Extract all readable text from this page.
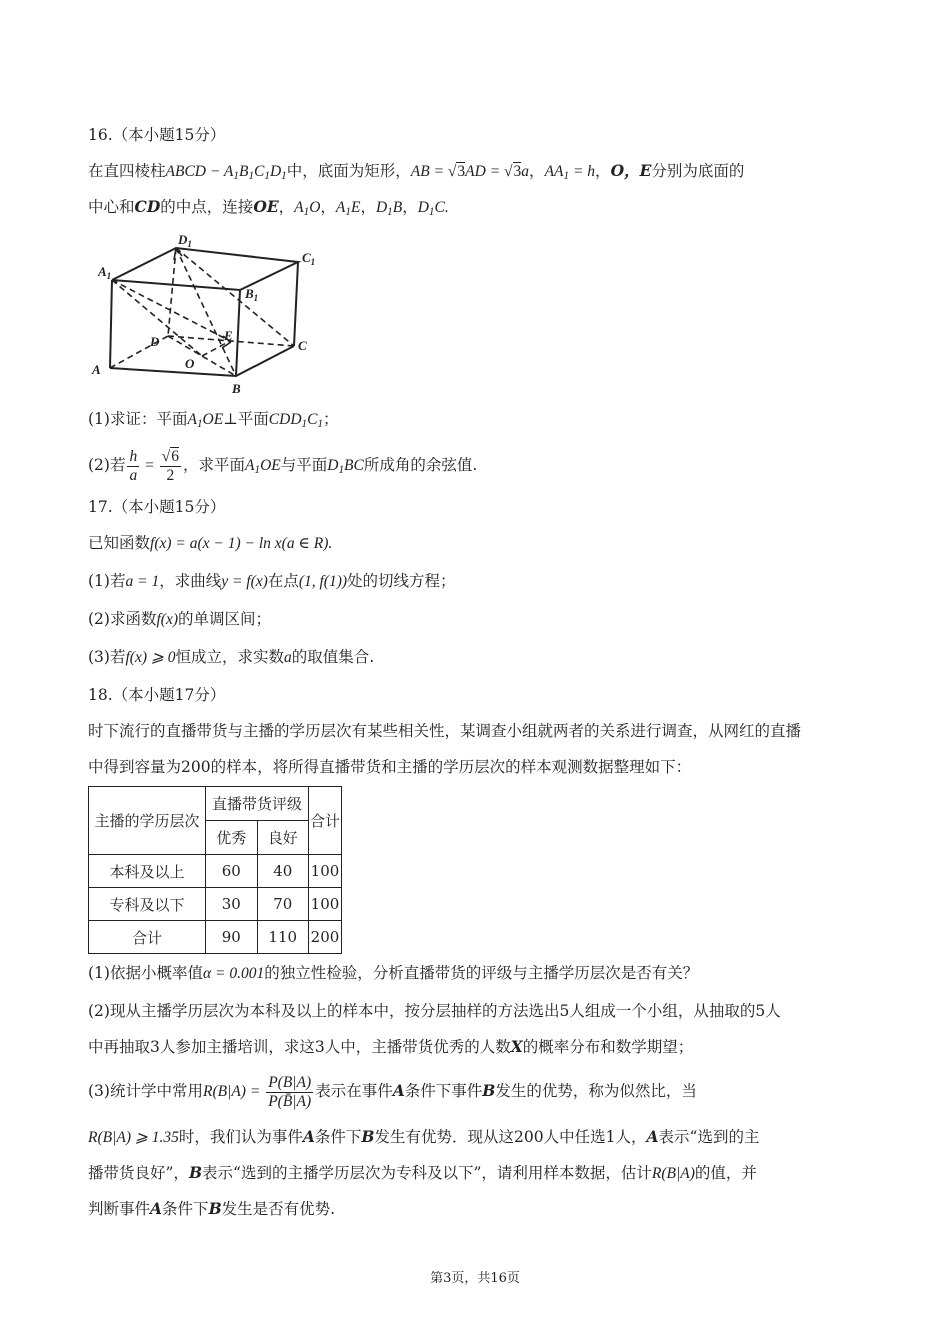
16.（本小题15分）
在直四棱柱ABCD − $A_1B_1C_1D_1$中，底面为矩形，AB = √3AD = √3a，$AA_1 = h$，O，E分别为底面的
中心和CD的中点，连接OE，$A_1O$，$A_1E$，$D_1B$，$D_1C$.
$D_1$
$C_1$
$A_1$
$B_1$
D	E
C
O
A
B
(1)求证：平面$A_1OE\perp$平面$CDD_1C_1$；
(2)若 $\frac{h}{a} = \frac{√6}{2}$ ，求平面$A_1OE$与平面$D_1BC$所成角的余弦值.
17.（本小题15分）
已知函数f(x) = a(x − 1) − ln x(a ∈ R).
(1)若a = 1，求曲线y = f(x)在点(1, f(1))处的切线方程；
(2)求函数f(x)的单调区间；
(3)若f(x) ⩾ 0恒成立，求实数a的取值集合.
18.（本小题17分）
时下流行的直播带货与主播的学历层次有某些相关性，某调查小组就两者的关系进行调查，从网红的直播
中得到容量为200的样本，将所得直播带货和主播的学历层次的样本观测数据整理如下：
主播的学历层次	直播带货评级		合计
	优秀	良好	
本科及以上	60	40	100
专科及以下	30	70	100
合计	90	110	200
(1)依据小概率值α = 0.001的独立性检验，分析直播带货的评级与主播学历层次是否有关？
(2)现从主播学历层次为本科及以上的样本中，按分层抽样的方法选出5人组成一个小组，从抽取的5人
中再抽取3人参加主播培训，求这3人中，主播带货优秀的人数X的概率分布和数学期望；
(3)统计学中常用$R(B|A) = \frac{P(B|A)}{P(B̄|A)}$ 表示在事件A条件下事件B发生的优势，称为似然比，当
R(B|A) ⩾ 1.35时，我们认为事件A条件下B发生有优势．现从这200人中任选1人，A表示“选到的主
播带货良好”，B表示“选到的主播学历层次为专科及以下”，请利用样本数据，估计R(B|A)的值，并
判断事件A条件下B发生是否有优势.
第3页，共16页
